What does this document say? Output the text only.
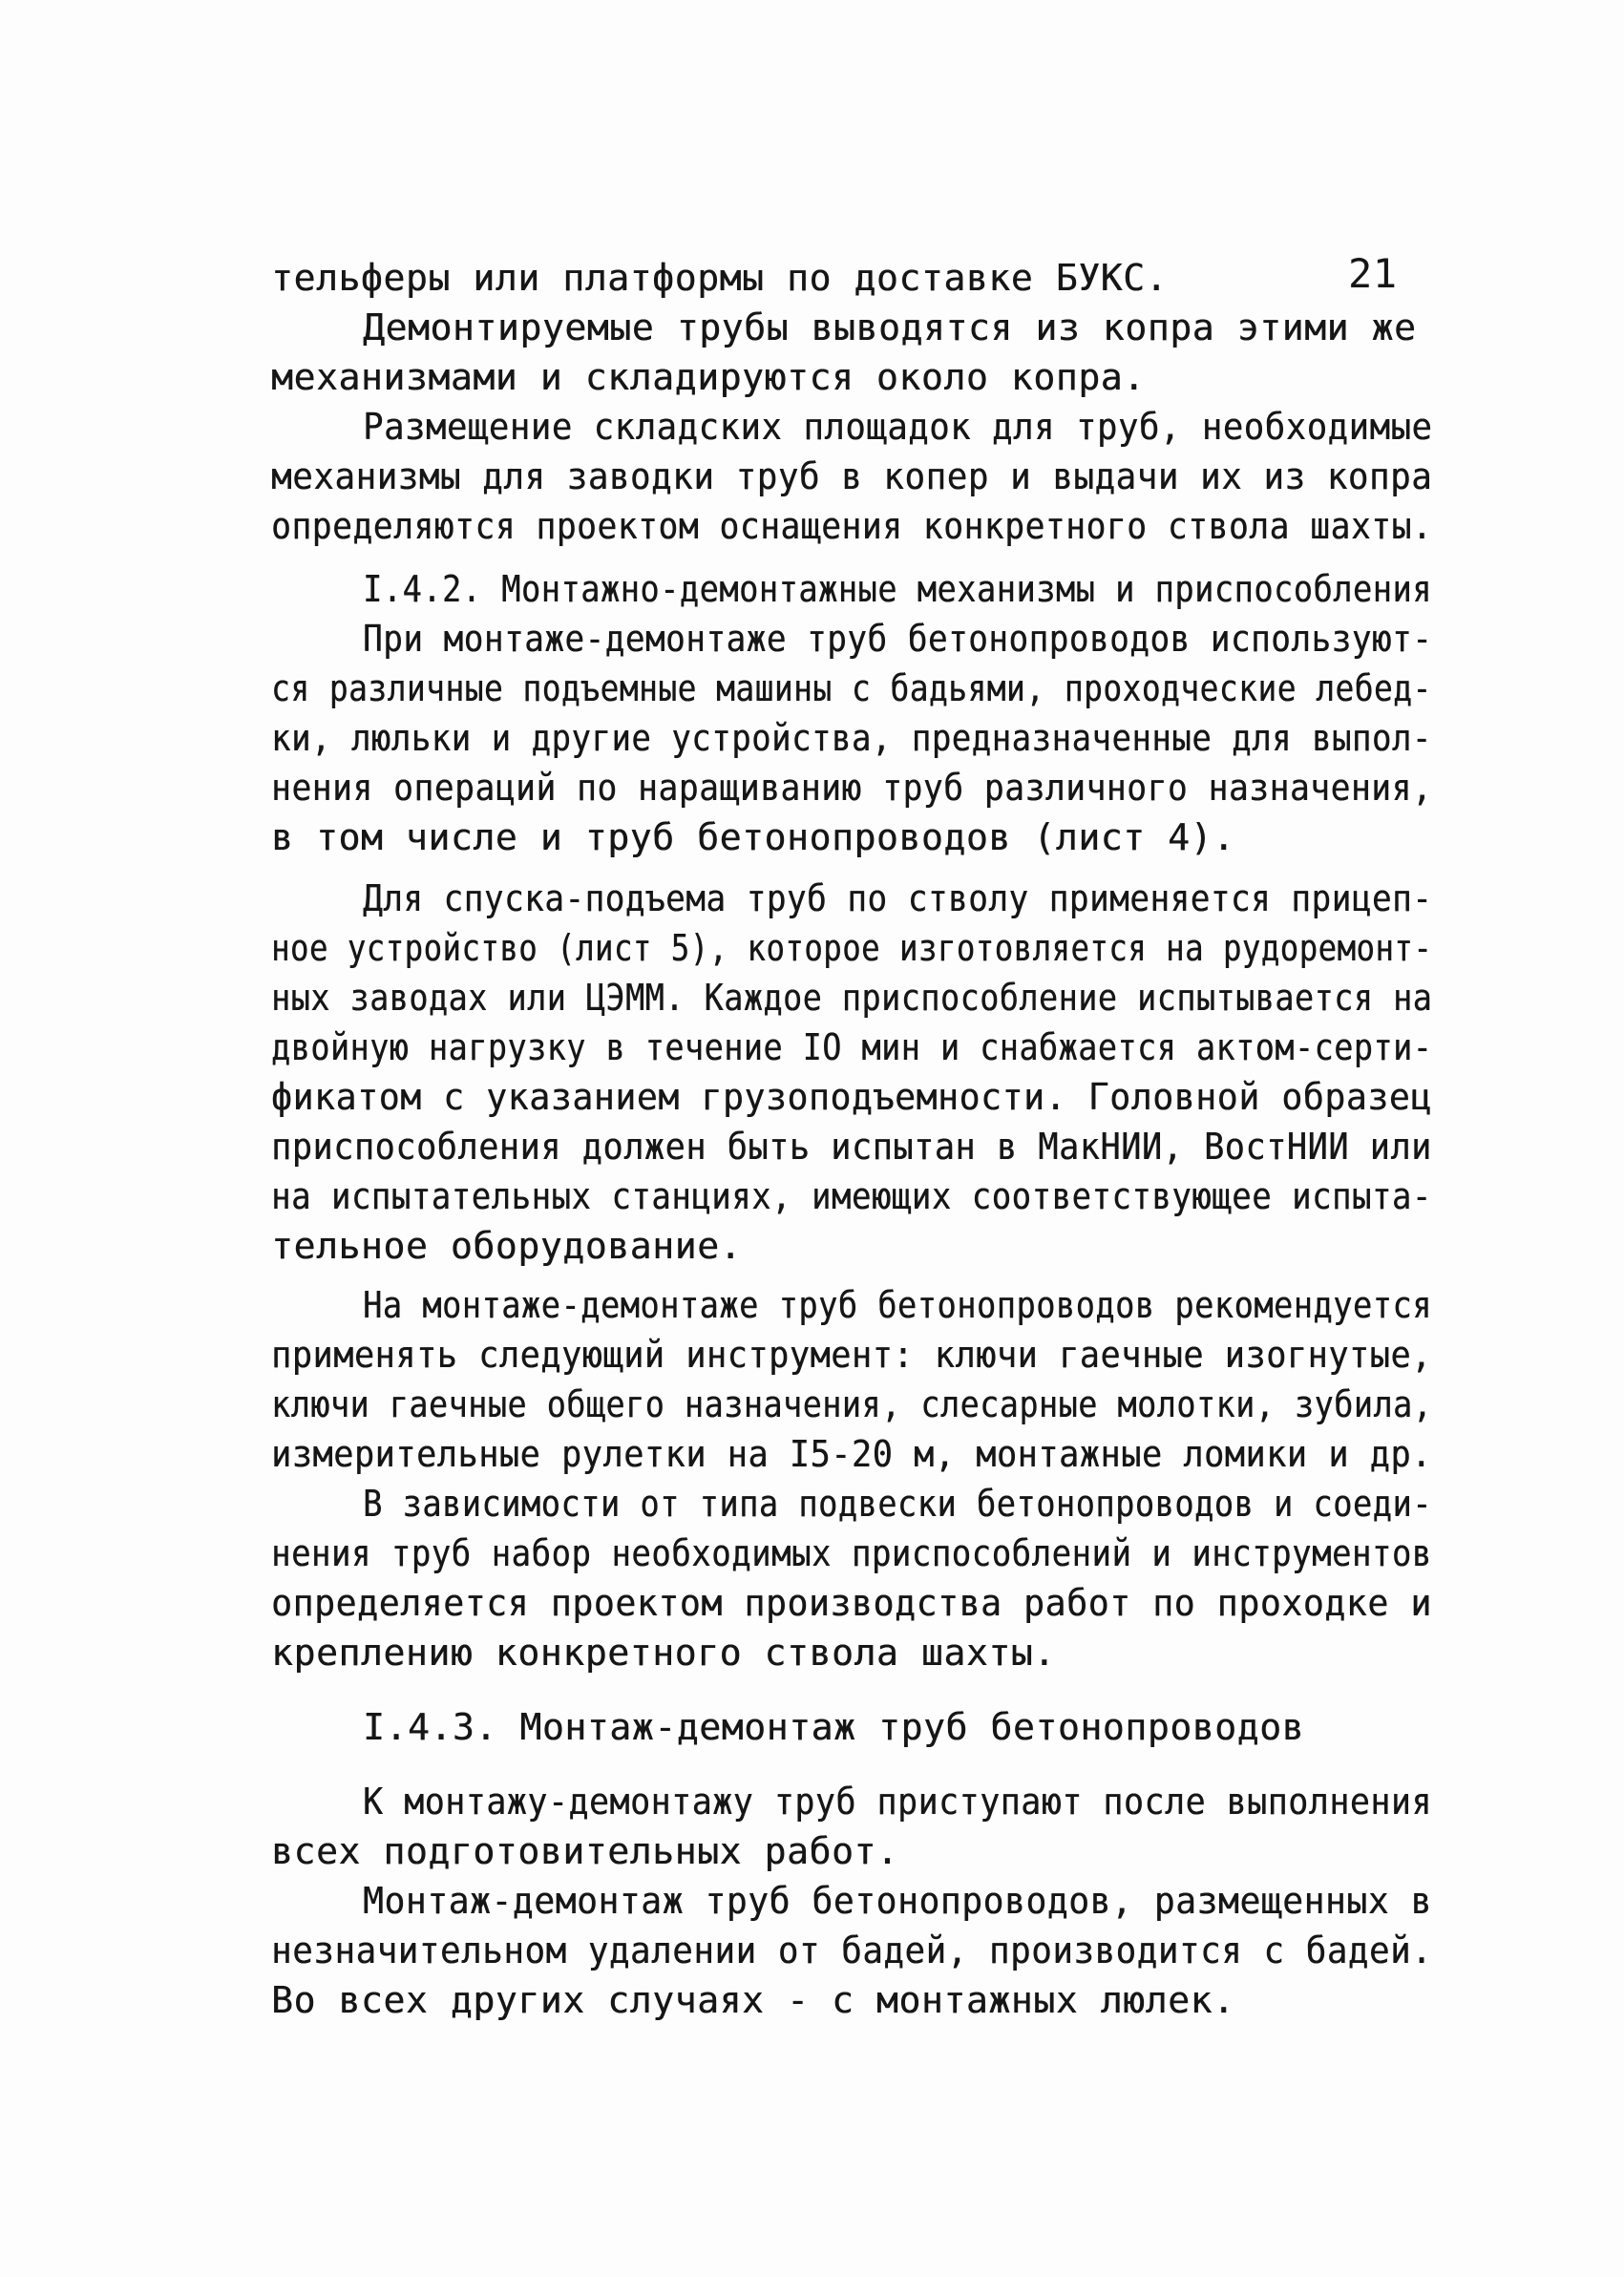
21

тельферы или платформы по доставке БУКС.

Демонтируемые трубы выводятся из копра этими же

механизмами и складируются около копра.

Размещение складских площадок для труб, необходимые

механизмы для заводки труб в копер и выдачи их из копра

определяются проектом оснащения конкретного ствола шахты.

I.4.2. Монтажно-демонтажные механизмы и приспособления

При монтаже-демонтаже труб бетонопроводов используют-

ся различные подъемные машины с бадьями, проходческие лебед-

ки, люльки и другие устройства, предназначенные для выпол-

нения операций по наращиванию труб различного назначения,

в том числе и труб бетонопроводов (лист 4).

Для спуска-подъема труб по стволу применяется прицеп-

ное устройство (лист 5), которое изготовляется на рудоремонт-

ных заводах или ЦЭММ. Каждое приспособление испытывается на

двойную нагрузку в течение IO мин и снабжается актом-серти-

фикатом с указанием грузоподъемности. Головной образец

приспособления должен быть испытан в МакНИИ, ВостНИИ или

на испытательных станциях, имеющих соответствующее испыта-

тельное оборудование.

На монтаже-демонтаже труб бетонопроводов рекомендуется

применять следующий инструмент: ключи гаечные изогнутые,

ключи гаечные общего назначения, слесарные молотки, зубила,

измерительные рулетки на I5-20 м, монтажные ломики и др.

В зависимости от типа подвески бетонопроводов и соеди-

нения труб набор необходимых приспособлений и инструментов

определяется проектом производства работ по проходке и

креплению конкретного ствола шахты.

I.4.3. Монтаж-демонтаж труб бетонопроводов

К монтажу-демонтажу труб приступают после выполнения

всех подготовительных работ.

Монтаж-демонтаж труб бетонопроводов, размещенных в

незначительном удалении от бадей, производится с бадей.

Во всех других случаях - с монтажных люлек.
